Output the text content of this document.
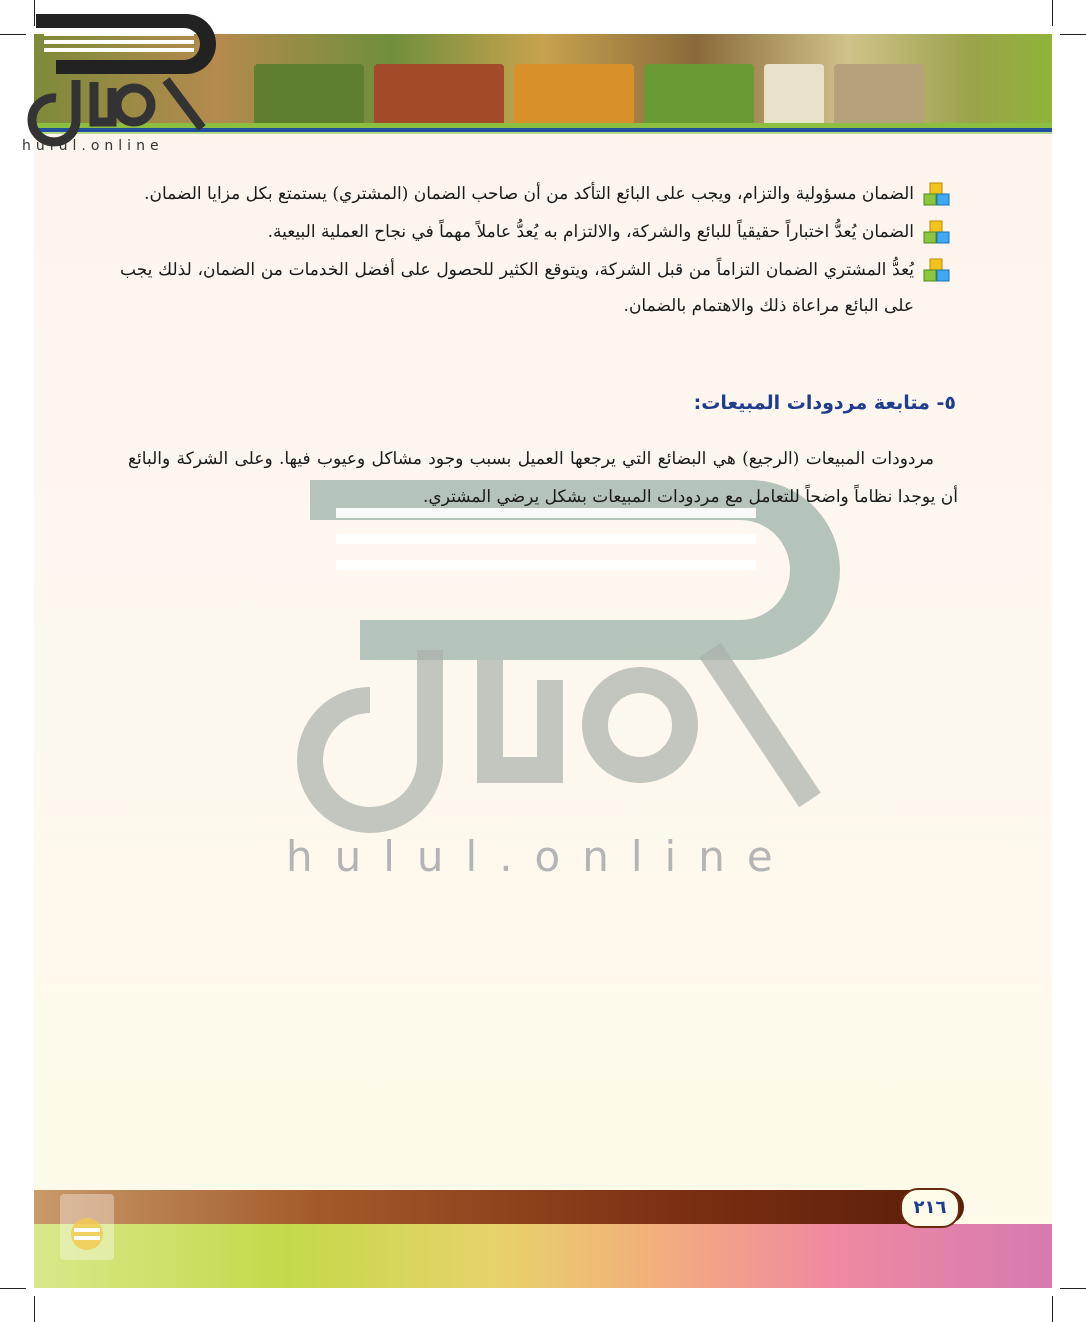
hulul.online

الضمان مسؤولية والتزام، ويجب على البائع التأكد من أن صاحب الضمان (المشتري) يستمتع بكل مزايا الضمان.

الضمان يُعدُّ اختباراً حقيقياً للبائع والشركة، والالتزام به يُعدُّ عاملاً مهماً في نجاح العملية البيعية.

يُعدُّ المشتري الضمان التزاماً من قبل الشركة، ويتوقع الكثير للحصول على أفضل الخدمات من الضمان، لذلك يجب على البائع مراعاة ذلك والاهتمام بالضمان.

٥- متابعة مردودات المبيعات:
hulul.online
مردودات المبيعات (الرجيع) هي البضائع التي يرجعها العميل بسبب وجود مشاكل وعيوب فيها. وعلى الشركة والبائع أن يوجدا نظاماً واضحاً للتعامل مع مردودات المبيعات بشكل يرضي المشتري.
٢١٦
